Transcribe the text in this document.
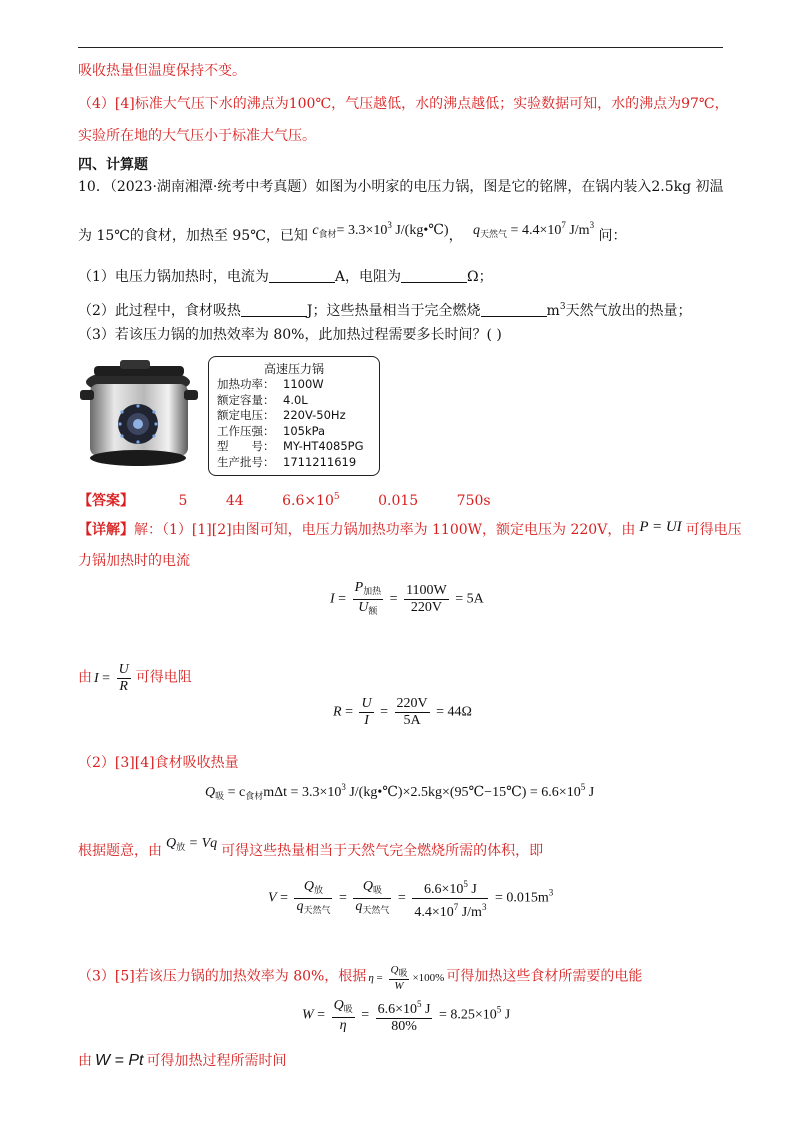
吸收热量但温度保持不变。
（4）[4]标准大气压下水的沸点为100℃，气压越低，水的沸点越低；实验数据可知，水的沸点为97℃，
实验所在地的大气压小于标准大气压。
四、计算题
10．（2023·湖南湘潭·统考中考真题）如图为小明家的电压力锅，图是它的铭牌，在锅内装入2.5kg 初温
为 15℃的食材，加热至 95℃，已知 $c_{食材}= 3.3\times 10^3$ J/(kg•℃)， $q_{天然气} = 4.4\times 10^7$ $J/m^3$ 问：
（1）电压力锅加热时，电流为	A，电阻为	Ω；
（2）此过程中，食材吸热	J；这些热量相当于完全燃烧	$m^3$天然气放出的热量；
（3）若该压力锅的加热效率为 80%，此加热过程需要多长时间？( )
高速压力锅
加热功率： 1100W
额定容量： 4.0L
额定电压： 220V-50Hz
工作压强： 105kPa
型　　号： MY-HT4085PG
生产批号： 1711211619
【答案】	5	44	$6.6\times 10^5$	0.015	750s
【详解】解：（1）[1][2]由图可知，电压力锅加热功率为 1100W，额定电压为 220V，由 P = UI 可得电压
力锅加热时的电流
$I = \frac{P_{加热}}{U_额} = \frac{1100W}{220V} = 5A$
由 $I = \frac{U}{R}$ 可得电阻
$R = \frac{U}{I} = \frac{220V}{5A} = 44\Omega$
（2）[3][4]食材吸收热量
$Q_吸 = c_{食材}m\Delta t = 3.3\times 10^3$ J/(kg•℃)×2.5kg×(95℃−15℃) = $6.6\times 10^5$ J
根据题意，由 $Q_放 = Vq$ 可得这些热量相当于天然气完全燃烧所需的体积，即
$V = \frac{Q_放}{q_{天然气}} = \frac{Q_吸}{q_{天然气}} = \frac{6.6\times 10^5 J}{4.4\times 10^7 J/m^3} = 0.015m^3$
（3）[5]若该压力锅的加热效率为 80%，根据 $\eta = \frac{Q_吸}{W} \times 100\%$ 可得加热这些食材所需要的电能
$W = \frac{Q_吸}{\eta} = \frac{6.6\times 10^5 J}{80\%} = 8.25\times 10^5$ J
由 W = Pt 可得加热过程所需时间
